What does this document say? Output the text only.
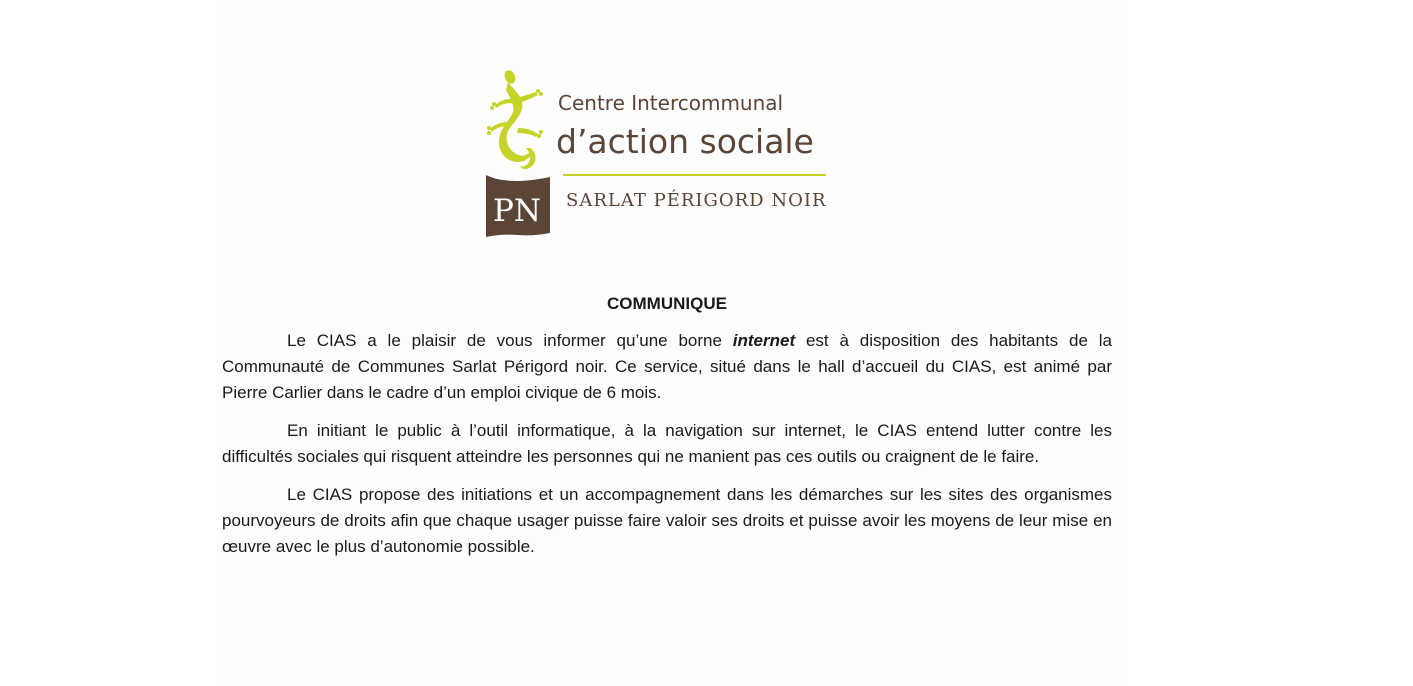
PN
Centre Intercommunal
d’action sociale
SARLAT PÉRIGORD NOIR
COMMUNIQUE

Le CIAS a le plaisir de vous informer qu’une borne internet est à disposition des habitants de la Communauté de Communes Sarlat Périgord noir. Ce service, situé dans le hall d’accueil du CIAS, est animé par Pierre Carlier dans le cadre d’un emploi civique de 6 mois.

En initiant le public à l’outil informatique, à la navigation sur internet, le CIAS entend lutter contre les difficultés sociales qui risquent atteindre les personnes qui ne manient pas ces outils ou craignent de le faire.

Le CIAS propose des initiations et un accompagnement dans les démarches sur les sites des organismes pourvoyeurs de droits afin que chaque usager puisse faire valoir ses droits et puisse avoir les moyens de leur mise en œuvre avec le plus d’autonomie possible.
